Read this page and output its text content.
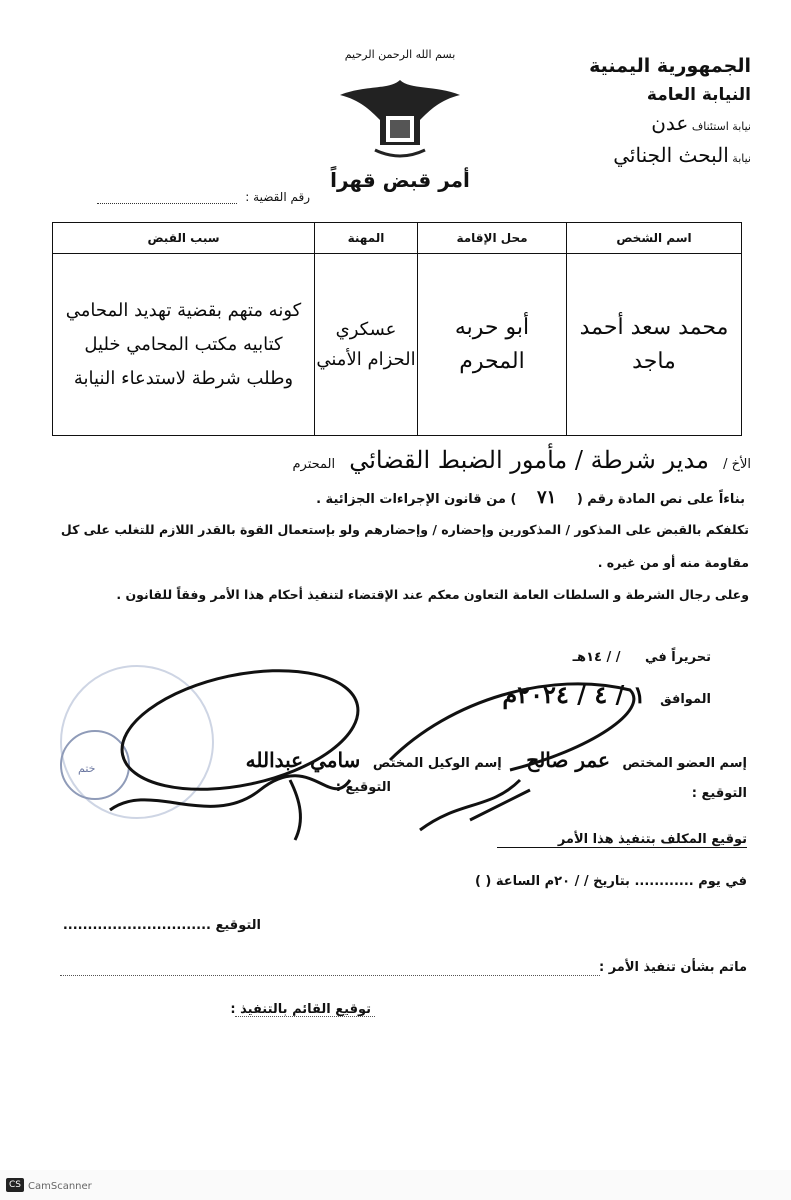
الجمهورية اليمنية
النيابة العامة
نيابة استئناف عدن
نيابة البحث الجنائي
بسم الله الرحمن الرحيم
أمر قبض قهراً
رقم القضية :
اسم الشخص	محل الإقامة	المهنة	سبب القبض
محمد سعد أحمد ماجد	أبو حربه المحرم	عسكري الحزام الأمني	كونه متهم بقضية تهديد المحامي كتابيه مكتب المحامي خليل وطلب شرطة لاستدعاء النيابة
الأخ / مدير شرطة / مأمور الضبط القضائي المحترم
بناءاً على نص المادة رقم ( ٧١ ) من قانون الإجراءات الجزائية .
تكلفكم بالقبض على المذكور / المذكورين وإحضاره / وإحضارهم ولو بإستعمال القوة بالقدر اللازم للتغلب على كل
مقاومة منه أو من غيره .
وعلى رجال الشرطة و السلطات العامة التعاون معكم عند الإقتضاء لتنفيذ أحكام هذا الأمر وفقاً للقانون .
تحريراً في / / ١٤هـ
الموافق ١ / ٤ / ٢٠٢٤م
إسم العضو المختص عمر صالح إسم الوكيل المختص سامي عبدالله
التوقيع :
التوقيع :
ختم
توقيع المكلف بتنفيذ هذا الأمر
في يوم ............ بتاريخ / / ٢٠م الساعة ( )
التوقيع ..............................
ماتم بشأن تنفيذ الأمر :
توقيع القائم بالتنفيذ :
CS CamScanner
